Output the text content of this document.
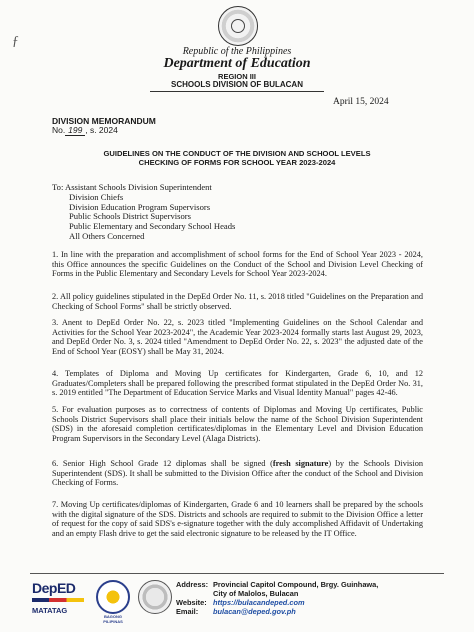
ƒ
Republic of the Philippines
Department of Education
REGION III
SCHOOLS DIVISION OF BULACAN
April 15, 2024
DIVISION MEMORANDUM
No. 199 , s. 2024
GUIDELINES ON THE CONDUCT OF THE DIVISION AND SCHOOL LEVELS
CHECKING OF FORMS FOR SCHOOL YEAR 2023-2024
To: Assistant Schools Division Superintendent
Division Chiefs
Division Education Program Supervisors
Public Schools District Supervisors
Public Elementary and Secondary School Heads
All Others Concerned
1. In line with the preparation and accomplishment of school forms for the End of School Year 2023 - 2024, this Office announces the specific Guidelines on the Conduct of the School and Division Level Checking of Forms in the Public Elementary and Secondary Levels for School Year 2023-2024.
2. All policy guidelines stipulated in the DepEd Order No. 11, s. 2018 titled "Guidelines on the Preparation and Checking of School Forms" shall be strictly observed.
3. Anent to DepEd Order No. 22, s. 2023 titled "Implementing Guidelines on the School Calendar and Activities for the School Year 2023-2024", the Academic Year 2023-2024 formally starts last August 29, 2023, and DepEd Order No. 3, s. 2024 titled "Amendment to DepEd Order No. 22, s. 2023" the adjusted date of the End of School Year (EOSY) shall be May 31, 2024.
4. Templates of Diploma and Moving Up certificates for Kindergarten, Grade 6, 10, and 12 Graduates/Completers shall be prepared following the prescribed format stipulated in the DepEd Order No. 31, s. 2019 entitled "The Department of Education Service Marks and Visual Identity Manual" pages 42-46.
5. For evaluation purposes as to correctness of contents of Diplomas and Moving Up certificates, Public Schools District Supervisors shall place their initials below the name of the School Division Superintendent (SDS) in the aforesaid completion certificates/diplomas in the Elementary Level and Division Education Program Supervisors in the Secondary Level (Alaga Districts).
6. Senior High School Grade 12 diplomas shall be signed (fresh signature) by the Schools Division Superintendent (SDS). It shall be submitted to the Division Office after the conduct of the School and Division Checking of Forms.
7. Moving Up certificates/diplomas of Kindergarten, Grade 6 and 10 learners shall be prepared by the schools with the digital signature of the SDS. Districts and schools are required to submit to the Division Office a letter of request for the copy of said SDS's e-signature together with the duly accomplished Affidavit of Undertaking and an empty Flash drive to get the said electronic signature to be released by the IT Office.
DepED
MATATAG
BAGONG PILIPINAS
Address: Provincial Capitol Compound, Brgy. Guinhawa,
City of Malolos, Bulacan
Website: https://bulacandeped.com
Email:	bulacan@deped.gov.ph
